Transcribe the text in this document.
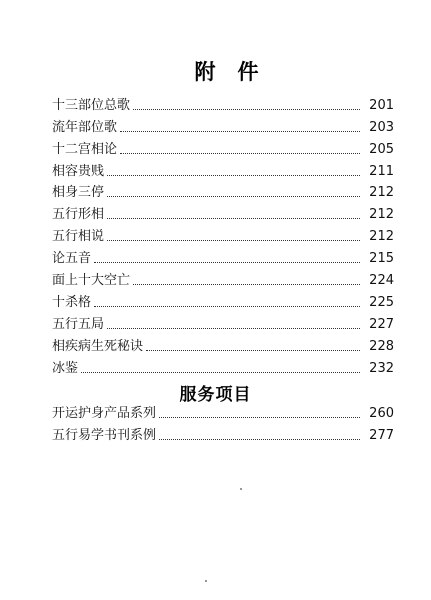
附件
十三部位总歌	201
流年部位歌	203
十二宫相论	205
相容贵贱	211
相身三停	212
五行形相	212
五行相说	212
论五音	215
面上十大空亡	224
十杀格	225
五行五局	227
相疾病生死秘诀	228
冰鉴	232
服务项目
开运护身产品系列	260
五行易学书刊系例	277
